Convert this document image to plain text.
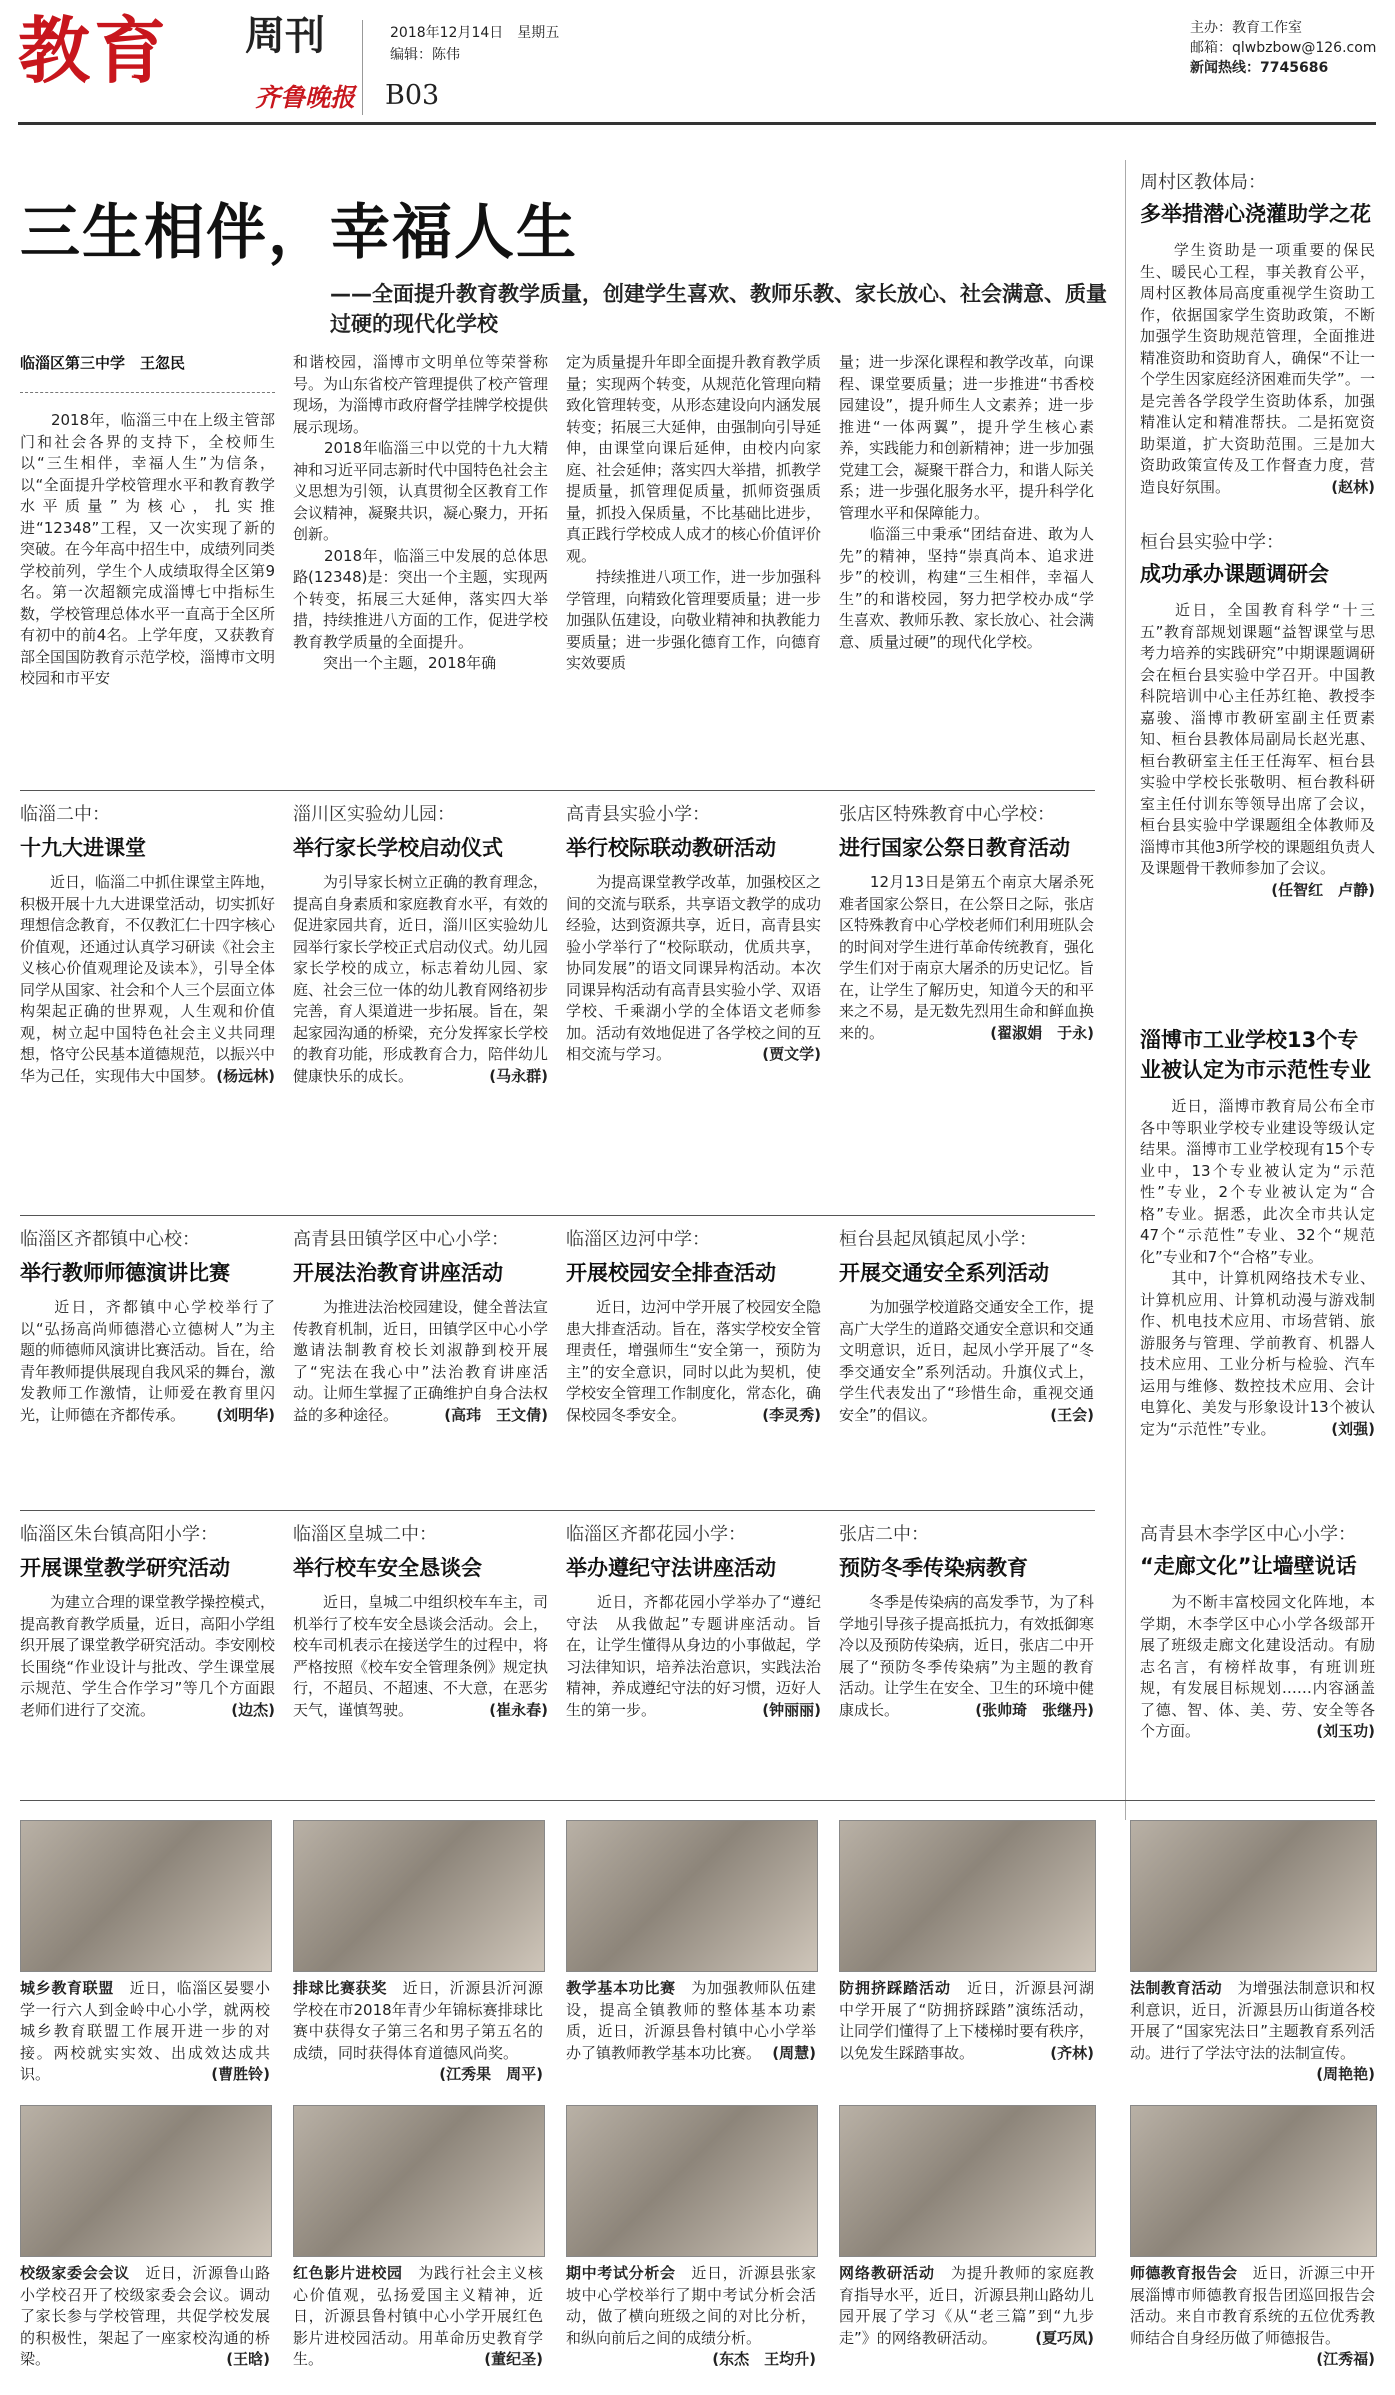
教育 周刊	2018年12月14日　星期五
编辑：陈伟
齐鲁晚报 B03
主办：教育工作室
邮箱：qlwbzbow@126.com
新闻热线：7745686
三生相伴，幸福人生
——全面提升教育教学质量，创建学生喜欢、教师乐教、家长放心、社会满意、质量过硬的现代化学校
临淄区第三中学　王忽民
　　2018年，临淄三中在上级主管部门和社会各界的支持下，全校师生以“三生相伴，幸福人生”为信条，以“全面提升学校管理水平和教育教学水平质量”为核心，扎实推进“12348”工程，又一次实现了新的突破。在今年高中招生中，成绩列同类学校前列，学生个人成绩取得全区第9名。第一次超额完成淄博七中指标生数，学校管理总体水平一直高于全区所有初中的前4名。上学年度，又获教育部全国国防教育示范学校，淄博市文明校园和市平安
和谐校园，淄博市文明单位等荣誉称号。为山东省校产管理提供了校产管理现场，为淄博市政府督学挂牌学校提供展示现场。
　　2018年临淄三中以党的十九大精神和习近平同志新时代中国特色社会主义思想为引领，认真贯彻全区教育工作会议精神，凝聚共识，凝心聚力，开拓创新。
　　2018年，临淄三中发展的总体思路(12348)是：突出一个主题，实现两个转变，拓展三大延伸，落实四大举措，持续推进八方面的工作，促进学校教育教学质量的全面提升。
　　突出一个主题，2018年确
定为质量提升年即全面提升教育教学质量；实现两个转变，从规范化管理向精致化管理转变，从形态建设向内涵发展转变；拓展三大延伸，由强制向引导延伸，由课堂向课后延伸，由校内向家庭、社会延伸；落实四大举措，抓教学提质量，抓管理促质量，抓师资强质量，抓投入保质量，不比基础比进步，真正践行学校成人成才的核心价值评价观。
　　持续推进八项工作，进一步加强科学管理，向精致化管理要质量；进一步加强队伍建设，向敬业精神和执教能力要质量；进一步强化德育工作，向德育实效要质
量；进一步深化课程和教学改革，向课程、课堂要质量；进一步推进“书香校园建设”，提升师生人文素养；进一步推进“一体两翼”，提升学生核心素养，实践能力和创新精神；进一步加强党建工会，凝聚干群合力，和谐人际关系；进一步强化服务水平，提升科学化管理水平和保障能力。
　　临淄三中秉承“团结奋进、敢为人先”的精神，坚持“崇真尚本、追求进步”的校训，构建“三生相伴，幸福人生”的和谐校园，努力把学校办成“学生喜欢、教师乐教、家长放心、社会满意、质量过硬”的现代化学校。
周村区教体局：
多举措潜心浇灌助学之花
　　学生资助是一项重要的保民生、暖民心工程，事关教育公平，周村区教体局高度重视学生资助工作，依据国家学生资助政策，不断加强学生资助规范管理，全面推进精准资助和资助育人，确保“不让一个学生因家庭经济困难而失学”。一是完善各学段学生资助体系，加强精准认定和精准帮扶。二是拓宽资助渠道，扩大资助范围。三是加大资助政策宣传及工作督查力度，营造良好氛围。	(赵林)
桓台县实验中学：
成功承办课题调研会
　　近日，全国教育科学“十三五”教育部规划课题“益智课堂与思考力培养的实践研究”中期课题调研会在桓台县实验中学召开。中国教科院培训中心主任苏红艳、教授李嘉骏、淄博市教研室副主任贾素知、桓台县教体局副局长赵光惠、桓台教研室主任王任海军、桓台县实验中学校长张敬明、桓台教科研室主任付训东等领导出席了会议，桓台县实验中学课题组全体教师及淄博市其他3所学校的课题组负责人及课题骨干教师参加了会议。
(任智红　卢静)
淄博市工业学校13个专业被认定为市示范性专业
　　近日，淄博市教育局公布全市各中等职业学校专业建设等级认定结果。淄博市工业学校现有15个专业中，13个专业被认定为“示范性”专业，2个专业被认定为“合格”专业。据悉，此次全市共认定47个“示范性”专业、32个“规范化”专业和7个“合格”专业。
　　其中，计算机网络技术专业、计算机应用、计算机动漫与游戏制作、机电技术应用、市场营销、旅游服务与管理、学前教育、机器人技术应用、工业分析与检验、汽车运用与维修、数控技术应用、会计电算化、美发与形象设计13个被认定为“示范性”专业。	(刘强)
高青县木李学区中心小学：
“走廊文化”让墙壁说话
　　为不断丰富校园文化阵地，本学期，木李学区中心小学各级部开展了班级走廊文化建设活动。有励志名言，有榜样故事，有班训班规，有发展目标规划……内容涵盖了德、智、体、美、劳、安全等各个方面。	(刘玉功)
临淄二中：
十九大进课堂
　　近日，临淄二中抓住课堂主阵地，积极开展十九大进课堂活动，切实抓好理想信念教育，不仅教汇仁十四字核心价值观，还通过认真学习研读《社会主义核心价值观理论及读本》，引导全体同学从国家、社会和个人三个层面立体构架起正确的世界观，人生观和价值观，树立起中国特色社会主义共同理想，恪守公民基本道德规范，以振兴中华为己任，实现伟大中国梦。 (杨远林)
淄川区实验幼儿园：
举行家长学校启动仪式
　　为引导家长树立正确的教育理念，提高自身素质和家庭教育水平，有效的促进家园共育，近日，淄川区实验幼儿园举行家长学校正式启动仪式。幼儿园家长学校的成立，标志着幼儿园、家庭、社会三位一体的幼儿教育网络初步完善，育人渠道进一步拓展。旨在，架起家园沟通的桥梁，充分发挥家长学校的教育功能，形成教育合力，陪伴幼儿健康快乐的成长。	(马永群)
高青县实验小学：
举行校际联动教研活动
　　为提高课堂教学改革，加强校区之间的交流与联系，共享语文教学的成功经验，达到资源共享，近日，高青县实验小学举行了“校际联动，优质共享，协同发展”的语文同课异构活动。本次同课异构活动有高青县实验小学、双语学校、千乘湖小学的全体语文老师参加。活动有效地促进了各学校之间的互相交流与学习。	(贾文学)
张店区特殊教育中心学校：
进行国家公祭日教育活动
　　12月13日是第五个南京大屠杀死难者国家公祭日，在公祭日之际，张店区特殊教育中心学校老师们利用班队会的时间对学生进行革命传统教育，强化学生们对于南京大屠杀的历史记忆。旨在，让学生了解历史，知道今天的和平来之不易，是无数先烈用生命和鲜血换来的。	(翟淑娟　于永)
临淄区齐都镇中心校：
举行教师师德演讲比赛
　　近日，齐都镇中心学校举行了以“弘扬高尚师德潜心立德树人”为主题的师德师风演讲比赛活动。旨在，给青年教师提供展现自我风采的舞台，激发教师工作激情，让师爱在教育里闪光，让师德在齐都传承。 (刘明华)
高青县田镇学区中心小学：
开展法治教育讲座活动
　　为推进法治校园建设，健全普法宣传教育机制，近日，田镇学区中心小学邀请法制教育校长刘淑静到校开展了“宪法在我心中”法治教育讲座活动。让师生掌握了正确维护自身合法权益的多种途径。	(高玮　王文倩)
临淄区边河中学：
开展校园安全排查活动
　　近日，边河中学开展了校园安全隐患大排查活动。旨在，落实学校安全管理责任，增强师生“安全第一，预防为主”的安全意识，同时以此为契机，使学校安全管理工作制度化，常态化，确保校园冬季安全。	(李灵秀)
桓台县起凤镇起凤小学：
开展交通安全系列活动
　　为加强学校道路交通安全工作，提高广大学生的道路交通安全意识和交通文明意识，近日，起凤小学开展了“冬季交通安全”系列活动。升旗仪式上，学生代表发出了“珍惜生命，重视交通安全”的倡议。	(王会)
临淄区朱台镇高阳小学：
开展课堂教学研究活动
　　为建立合理的课堂教学操控模式，提高教育教学质量，近日，高阳小学组织开展了课堂教学研究活动。李安刚校长围绕“作业设计与批改、学生课堂展示规范、学生合作学习”等几个方面跟老师们进行了交流。	(边杰)
临淄区皇城二中：
举行校车安全恳谈会
　　近日，皇城二中组织校车车主，司机举行了校车安全恳谈会活动。会上，校车司机表示在接送学生的过程中，将严格按照《校车安全管理条例》规定执行，不超员、不超速、不大意，在恶劣天气，谨慎驾驶。	(崔永春)
临淄区齐都花园小学：
举办遵纪守法讲座活动
　　近日，齐都花园小学举办了“遵纪守法　从我做起”专题讲座活动。旨在，让学生懂得从身边的小事做起，学习法律知识，培养法治意识，实践法治精神，养成遵纪守法的好习惯，迈好人生的第一步。	(钟丽丽)
张店二中：
预防冬季传染病教育
　　冬季是传染病的高发季节，为了科学地引导孩子提高抵抗力，有效抵御寒冷以及预防传染病，近日，张店二中开展了“预防冬季传染病”为主题的教育活动。让学生在安全、卫生的环境中健康成长。	(张帅琦　张继丹)
城乡教育联盟　近日，临淄区晏婴小学一行六人到金岭中心小学，就两校城乡教育联盟工作展开进一步的对接。两校就实实效、出成效达成共识。	(曹胜铃)
排球比赛获奖　近日，沂源县沂河源学校在市2018年青少年锦标赛排球比赛中获得女子第三名和男子第五名的成绩，同时获得体育道德风尚奖。
(江秀果　周平)
教学基本功比赛　为加强教师队伍建设，提高全镇教师的整体基本功素质，近日，沂源县鲁村镇中心小学举办了镇教师教学基本功比赛。 (周慧)
防拥挤踩踏活动　近日，沂源县河湖中学开展了“防拥挤踩踏”演练活动，让同学们懂得了上下楼梯时要有秩序，以免发生踩踏事故。	(齐林)
法制教育活动　为增强法制意识和权利意识，近日，沂源县历山街道各校开展了“国家宪法日”主题教育系列活动。进行了学法守法的法制宣传。
(周艳艳)
校级家委会会议　近日，沂源鲁山路小学校召开了校级家委会会议。调动了家长参与学校管理，共促学校发展的积极性，架起了一座家校沟通的桥梁。	(王晗)
红色影片进校园　为践行社会主义核心价值观，弘扬爱国主义精神，近日，沂源县鲁村镇中心小学开展红色影片进校园活动。用革命历史教育学生。	(董纪圣)
期中考试分析会　近日，沂源县张家坡中心学校举行了期中考试分析会活动，做了横向班级之间的对比分析，和纵向前后之间的成绩分析。
(东杰　王均升)
网络教研活动　为提升教师的家庭教育指导水平，近日，沂源县荆山路幼儿园开展了学习《从“老三篇”到“九步走”》的网络教研活动。	(夏巧凤)
师德教育报告会　近日，沂源三中开展淄博市师德教育报告团巡回报告会活动。来自市教育系统的五位优秀教师结合自身经历做了师德报告。
(江秀福)
